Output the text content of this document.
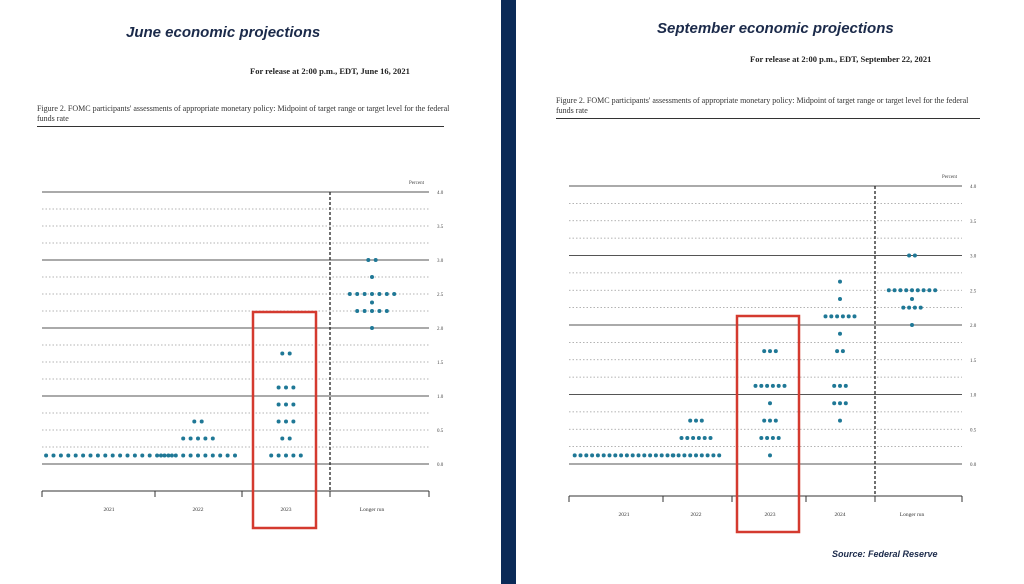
June economic projections
For release at 2:00 p.m., EDT, June 16, 2021
Figure 2. FOMC participants' assessments of appropriate monetary policy: Midpoint of target range or target level for the federal funds rate
0.0
0.5
1.0
1.5
2.0
2.5
3.0
3.5
4.0
Percent
2021	2022	2023	Longer run
September economic projections
For release at 2:00 p.m., EDT, September 22, 2021
Figure 2. FOMC participants' assessments of appropriate monetary policy: Midpoint of target range or target level for the federal funds rate
0.0
0.5
1.0
1.5
2.0
2.5
3.0
3.5
4.0
Percent
2021	2022	2023	2024	Longer run
Source: Federal Reserve
